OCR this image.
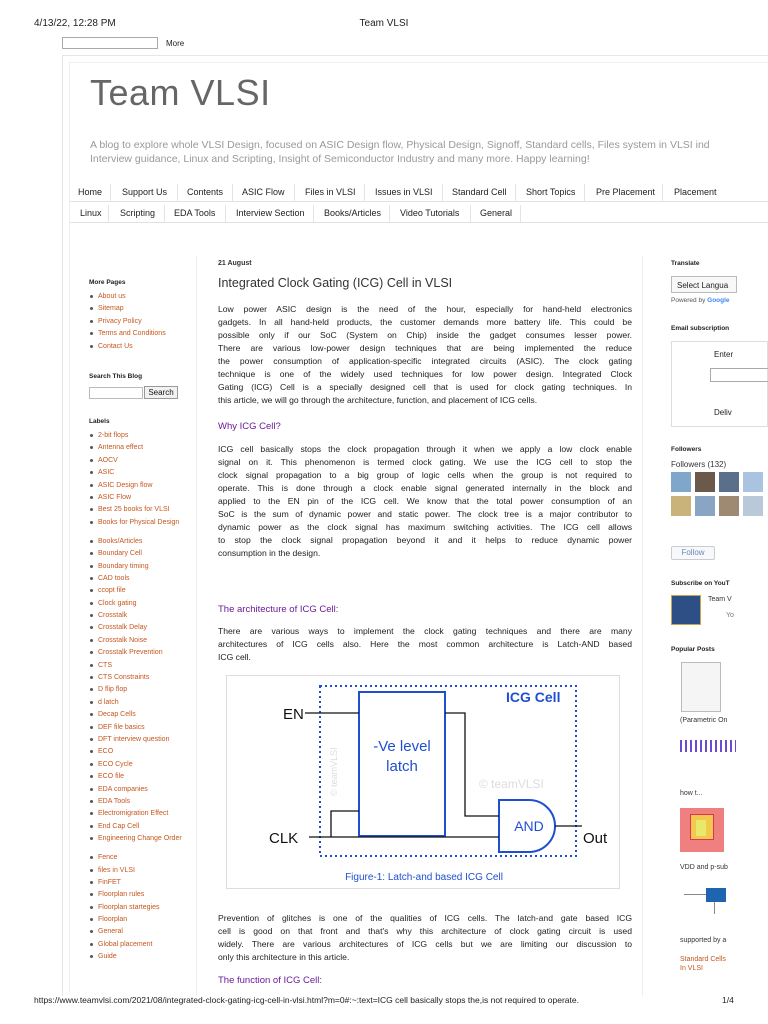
4/13/22, 12:28 PM	Team VLSI
More
Team VLSI
A blog to explore whole VLSI Design, focused on ASIC Design flow, Physical Design, Signoff, Standard cells, Files system in VLSI ind
Interview guidance, Linux and Scripting, Insight of Semiconductor Industry and many more. Happy learning!
Home Support Us Contents ASIC Flow Files in VLSI Issues in VLSI Standard Cell Short Topics Pre Placement Placement
Linux Scripting EDA Tools Interview Section Books/Articles Video Tutorials General
More Pages
About us
Sitemap
Privacy Policy
Terms and Conditions
Contact Us
Search This Blog
Search
Labels
2-bit flops
Antenna effect
AOCV
ASIC
ASIC Design flow
ASIC Flow
Best 25 books for VLSI
Books for Physical Design
Books/Articles
Boundary Cell
Boundary timing
CAD tools
ccopt file
Clock gating
Crosstalk
Crosstalk Delay
Crosstalk Noise
Crosstalk Prevention
CTS
CTS Constraints
D flip flop
d latch
Decap Cells
DEF file basics
DFT interview question
ECO
ECO Cycle
ECO file
EDA companies
EDA Tools
Electromigration Effect
End Cap Cell
Engineering Change Order
Fence
files in VLSI
FinFET
Floorplan rules
Floorplan startegies
Floorplan
General
Global placement
Guide
21 August
Integrated Clock Gating (ICG) Cell in VLSI
Low power ASIC design is the need of the hour, especially for hand-held electronics
gadgets. In all hand-held products, the customer demands more battery life. This could be
possible only if our SoC (System on Chip) inside the gadget consumes lesser power.
There are various low-power design techniques that are being implemented the reduce
the power consumption of application-specific integrated circuits (ASIC). The clock gating
technique is one of the widely used techniques for low power design. Integrated Clock
Gating (ICG) Cell is a specially designed cell that is used for clock gating techniques. In
this article, we will go through the architecture, function, and placement of ICG cells.
Why ICG Cell?
ICG cell basically stops the clock propagation through it when we apply a low clock enable
signal on it. This phenomenon is termed clock gating. We use the ICG cell to stop the
clock signal propagation to a big group of logic cells when the group is not required to
operate. This is done through a clock enable signal generated internally in the block and
applied to the EN pin of the ICG cell. We know that the total power consumption of an
SoC is the sum of dynamic power and static power. The clock tree is a major contributor to
dynamic power as the clock signal has maximum switching activities. The ICG cell allows
to stop the clock signal propagation beyond it and it helps to reduce dynamic power
consumption in the design.
The architecture of ICG Cell:
There are various ways to implement the clock gating techniques and there are many
architectures of ICG cells also. Here the most common architecture is Latch-AND based
ICG cell.
ICG Cell
-Ve level
latch
© teamVLSI	© teamVLSI
AND
EN
CLK	Out
Figure-1: Latch-and based ICG Cell
Prevention of glitches is one of the qualities of ICG cells. The latch-and gate based ICG
cell is good on that front and that's why this architecture of clock gating circuit is used
widely. There are various architectures of ICG cells but we are limiting our discussion to
only this architecture in this article.
The function of ICG Cell:
Translate
Select Langua
Powered by Google
Email subscription
Enter
Deliv
Followers
Followers (132)
Follow
Subscribe on YouT
Team V
Yo
Popular Posts
(Parametric On
how t...
VDD and p-sub
supported by a
Standard Cells
In VLSI
https://www.teamvlsi.com/2021/08/integrated-clock-gating-icg-cell-in-vlsi.html?m=0#:~:text=ICG cell basically stops the,is not required to operate.	1/4
